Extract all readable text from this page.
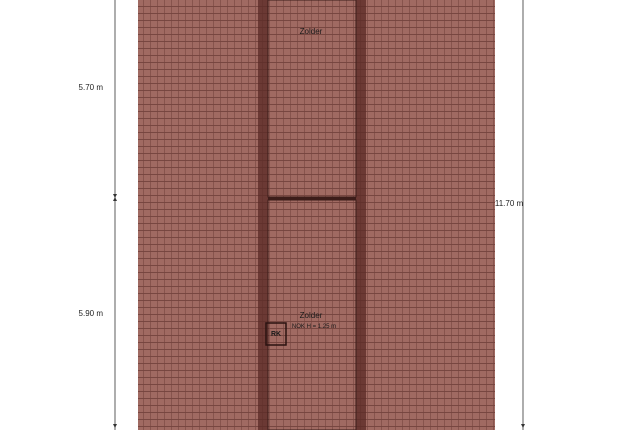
5.70 m
5.90 m
11.70 m
Zolder
Zolder
NOK H = 1.25 m
RK
